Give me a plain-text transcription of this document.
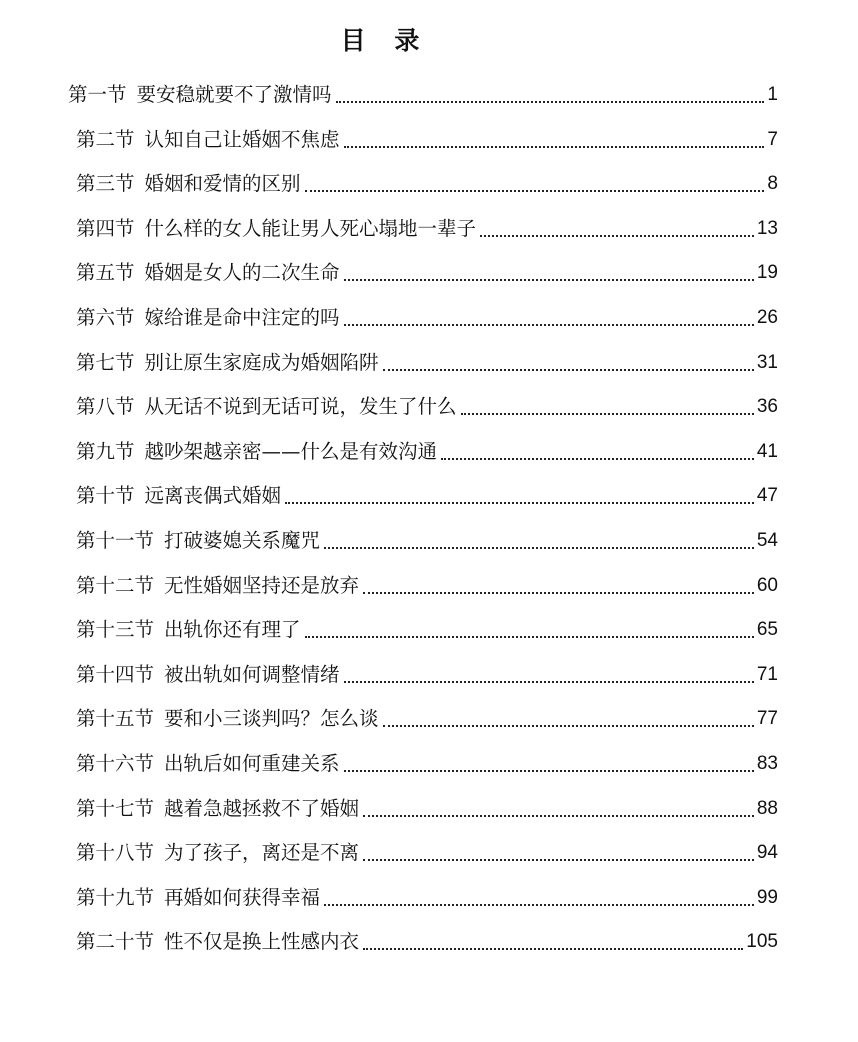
目 录
第一节 要安稳就要不了激情吗	1
第二节 认知自己让婚姻不焦虑	7
第三节 婚姻和爱情的区别	8
第四节 什么样的女人能让男人死心塌地一辈子	13
第五节 婚姻是女人的二次生命	19
第六节 嫁给谁是命中注定的吗	26
第七节 别让原生家庭成为婚姻陷阱	31
第八节 从无话不说到无话可说，发生了什么	36
第九节 越吵架越亲密——什么是有效沟通	41
第十节 远离丧偶式婚姻	47
第十一节 打破婆媳关系魔咒	54
第十二节 无性婚姻坚持还是放弃	60
第十三节 出轨你还有理了	65
第十四节 被出轨如何调整情绪	71
第十五节 要和小三谈判吗？怎么谈	77
第十六节 出轨后如何重建关系	83
第十七节 越着急越拯救不了婚姻	88
第十八节 为了孩子，离还是不离	94
第十九节 再婚如何获得幸福	99
第二十节 性不仅是换上性感内衣	105
